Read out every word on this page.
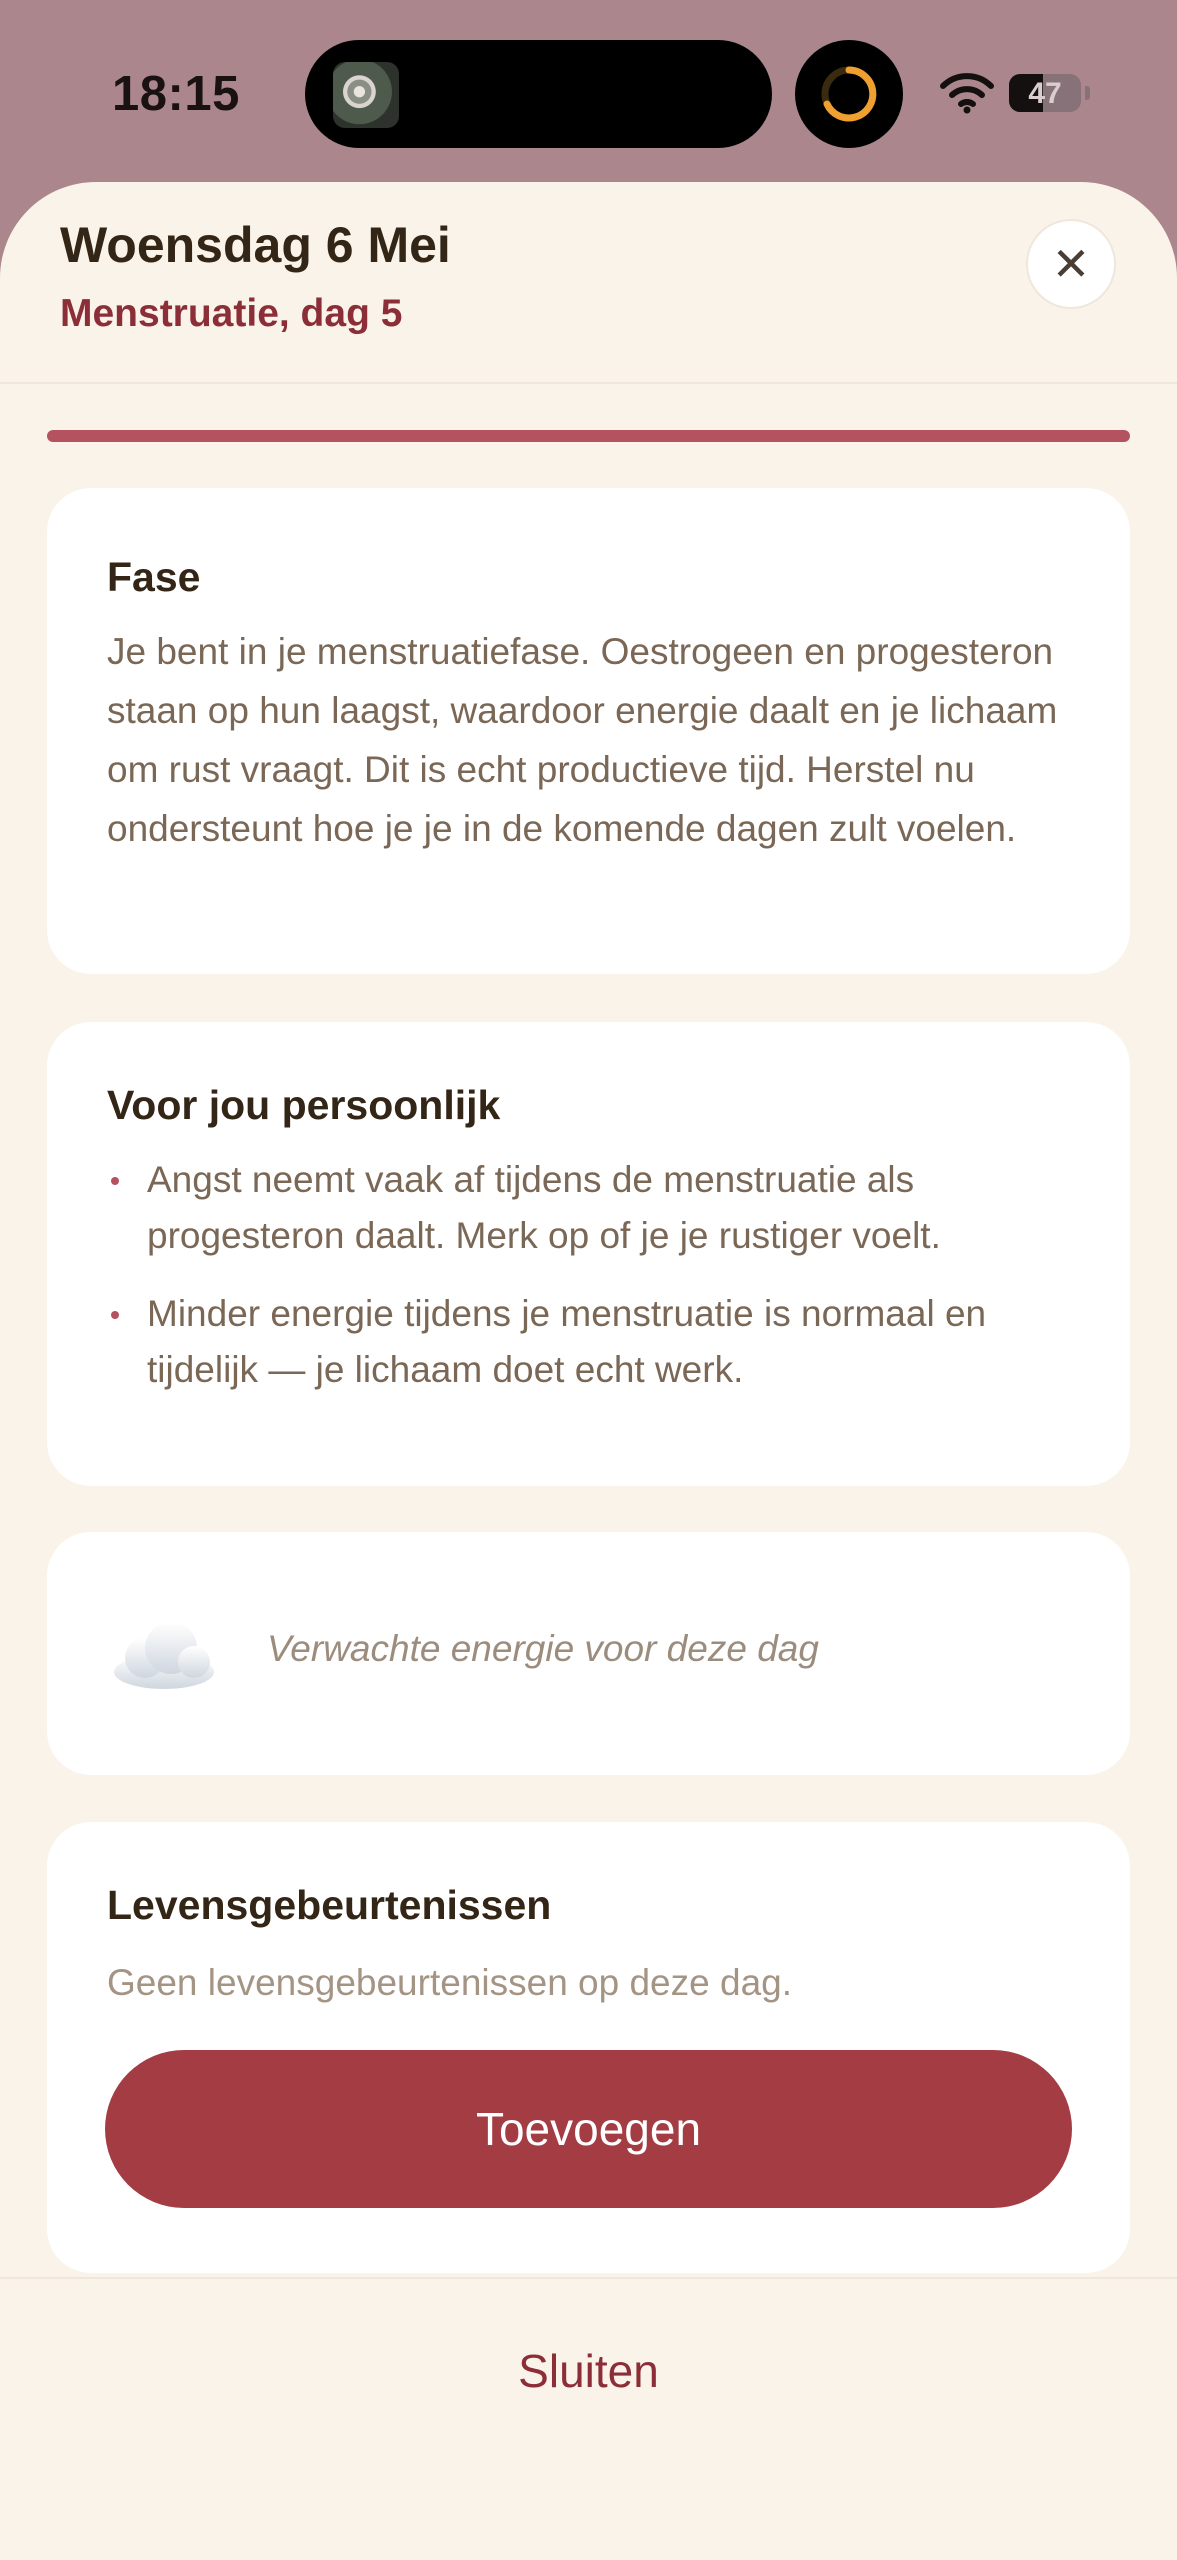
18:15	47
Woensdag 6 Mei
Menstruatie, dag 5
✕
Fase
Je bent in je menstruatiefase. Oestrogeen en progesteron staan op hun laagst, waardoor energie daalt en je lichaam om rust vraagt. Dit is echt productieve tijd. Herstel nu ondersteunt hoe je je in de komende dagen zult voelen.
Voor jou persoonlijk
Angst neemt vaak af tijdens de menstruatie als progesteron daalt. Merk op of je je rustiger voelt.
Minder energie tijdens je menstruatie is normaal en tijdelijk — je lichaam doet echt werk.
Verwachte energie voor deze dag
Levensgebeurtenissen
Geen levensgebeurtenissen op deze dag.
Toevoegen
Sluiten
